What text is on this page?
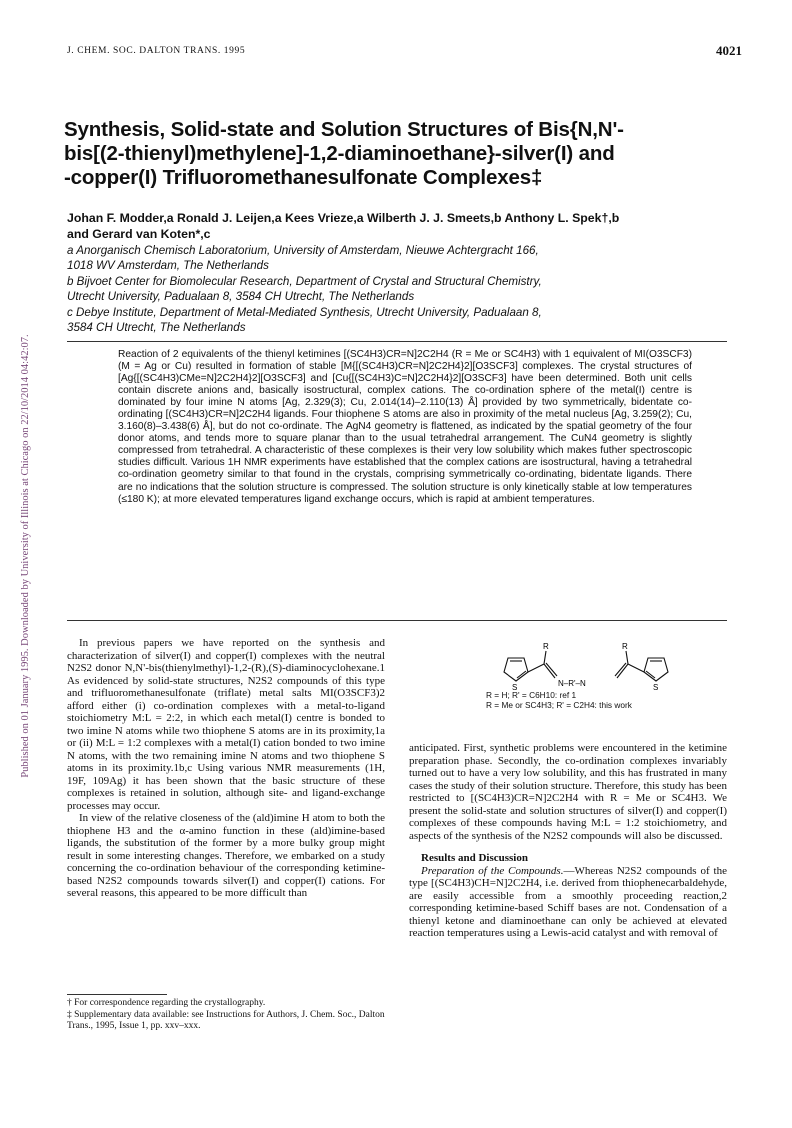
Published on 01 January 1995. Downloaded by University of Illinois at Chicago on 22/10/2014 04:42:07.
J. CHEM. SOC. DALTON TRANS. 1995	4021
Synthesis, Solid-state and Solution Structures of Bis{N,N'-
bis[(2-thienyl)methylene]-1,2-diaminoethane}-silver(I) and
-copper(I) Trifluoromethanesulfonate Complexes‡
Johan F. Modder,a Ronald J. Leijen,a Kees Vrieze,a Wilberth J. J. Smeets,b Anthony L. Spek†,b
and Gerard van Koten*,c
a Anorganisch Chemisch Laboratorium, University of Amsterdam, Nieuwe Achtergracht 166,
1018 WV Amsterdam, The Netherlands
b Bijvoet Center for Biomolecular Research, Department of Crystal and Structural Chemistry,
Utrecht University, Padualaan 8, 3584 CH Utrecht, The Netherlands
c Debye Institute, Department of Metal-Mediated Synthesis, Utrecht University, Padualaan 8,
3584 CH Utrecht, The Netherlands

Reaction of 2 equivalents of the thienyl ketimines [(SC4H3)CR=N]2C2H4 (R = Me or SC4H3) with 1 equivalent of MI(O3SCF3) (M = Ag or Cu) resulted in formation of stable [M{[(SC4H3)CR=N]2C2H4}2][O3SCF3] complexes. The crystal structures of [Ag{[(SC4H3)CMe=N]2C2H4}2][O3SCF3] and [Cu{[(SC4H3)C=N]2C2H4}2][O3SCF3] have been determined. Both unit cells contain discrete anions and, basically isostructural, complex cations. The co-ordination sphere of the metal(I) centre is dominated by four imine N atoms [Ag, 2.329(3); Cu, 2.014(14)–2.110(13) Å] provided by two symmetrically, bidentate co-ordinating [(SC4H3)CR=N]2C2H4 ligands. Four thiophene S atoms are also in proximity of the metal nucleus [Ag, 3.259(2); Cu, 3.160(8)–3.438(6) Å], but do not co-ordinate. The AgN4 geometry is flattened, as indicated by the spatial geometry of the four donor atoms, and tends more to square planar than to the usual tetrahedral arrangement. The CuN4 geometry is slightly compressed from tetrahedral. A characteristic of these complexes is their very low solubility which makes futher spectroscopic studies difficult. Various 1H NMR experiments have established that the complex cations are isostructural, having a tetrahedral co-ordination geometry similar to that found in the crystals, comprising symmetrically co-ordinating, bidentate ligands. There are no indications that the solution structure is compressed. The solution structure is only kinetically stable at low temperatures (≤180 K); at more elevated temperatures ligand exchange occurs, which is rapid at ambient temperatures.

In previous papers we have reported on the synthesis and characterization of silver(I) and copper(I) complexes with the neutral N2S2 donor N,N'-bis(thienylmethyl)-1,2-(R),(S)-diaminocyclohexane.1 As evidenced by solid-state structures, N2S2 compounds of this type and trifluoromethanesulfonate (triflate) metal salts MI(O3SCF3)2 afford either (i) co-ordination complexes with a metal-to-ligand stoichiometry M:L = 2:2, in which each metal(I) centre is bonded to two imine N atoms while two thiophene S atoms are in its proximity,1a or (ii) M:L = 1:2 complexes with a metal(I) cation bonded to two imine N atoms, with the two remaining imine N atoms and two thiophene S atoms in its proximity.1b,c Using various NMR measurements (1H, 19F, 109Ag) it has been shown that the basic structure of these complexes is retained in solution, although site- and ligand-exchange processes may occur.

In view of the relative closeness of the (ald)imine H atom to both the thiophene H3 and the α-amino function in these (ald)imine-based ligands, the substitution of the former by a more bulky group might result in some interesting changes. Therefore, we embarked on a study concerning the co-ordination behaviour of the corresponding ketimine-based N2S2 compounds towards silver(I) and copper(I) cations. For several reasons, this appeared to be more difficult than

R	R
S	S
N–R'–N
R = H; R' = C6H10: ref 1
R = Me or SC4H3; R' = C2H4: this work

anticipated. First, synthetic problems were encountered in the ketimine preparation phase. Secondly, the co-ordination complexes invariably turned out to have a very low solubility, and this has frustrated in many cases the study of their solution structure. Therefore, this study has been restricted to [(SC4H3)CR=N]2C2H4 with R = Me or SC4H3. We present the solid-state and solution structures of silver(I) and copper(I) complexes of these compounds having M:L = 1:2 stoichiometry, and aspects of the synthesis of the N2S2 compounds will also be discussed.

Results and Discussion

Preparation of the Compounds.—Whereas N2S2 compounds of the type [(SC4H3)CH=N]2C2H4, i.e. derived from thiophenecarbaldehyde, are easily accessible from a smoothly proceeding reaction,2 corresponding ketimine-based Schiff bases are not. Condensation of a thienyl ketone and diaminoethane can only be achieved at elevated reaction temperatures using a Lewis-acid catalyst and with removal of

† For correspondence regarding the crystallography.
‡ Supplementary data available: see Instructions for Authors, J. Chem. Soc., Dalton Trans., 1995, Issue 1, pp. xxv–xxx.
